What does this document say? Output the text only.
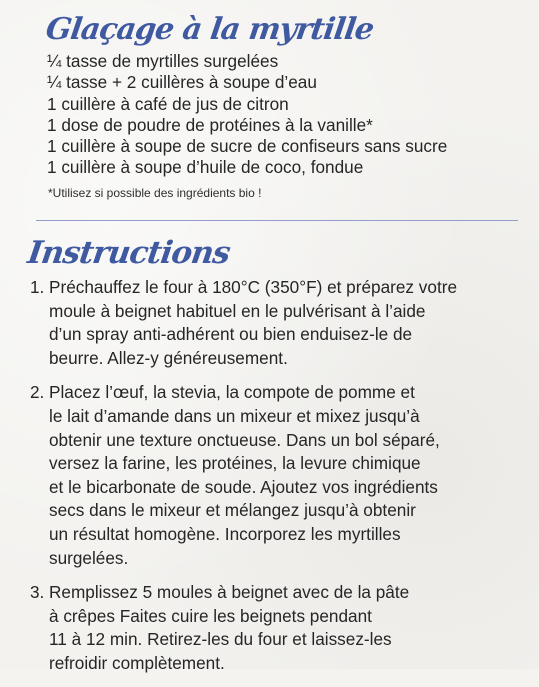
Glaçage à la myrtille
¼ tasse de myrtilles surgelées
¼ tasse + 2 cuillères à soupe d’eau
1 cuillère à café de jus de citron
1 dose de poudre de protéines à la vanille*
1 cuillère à soupe de sucre de confiseurs sans sucre
1 cuillère à soupe d’huile de coco, fondue
*Utilisez si possible des ingrédients bio !
Instructions
1. Préchauffez le four à 180°C (350°F) et préparez votre
moule à beignet habituel en le pulvérisant à l’aide
d’un spray anti-adhérent ou bien enduisez-le de
beurre. Allez-y généreusement.
2. Placez l’œuf, la stevia, la compote de pomme et
le lait d’amande dans un mixeur et mixez jusqu’à
obtenir une texture onctueuse. Dans un bol séparé,
versez la farine, les protéines, la levure chimique
et le bicarbonate de soude. Ajoutez vos ingrédients
secs dans le mixeur et mélangez jusqu’à obtenir
un résultat homogène. Incorporez les myrtilles
surgelées.
3. Remplissez 5 moules à beignet avec de la pâte
à crêpes Faites cuire les beignets pendant
11 à 12 min. Retirez-les du four et laissez-les
refroidir complètement.
